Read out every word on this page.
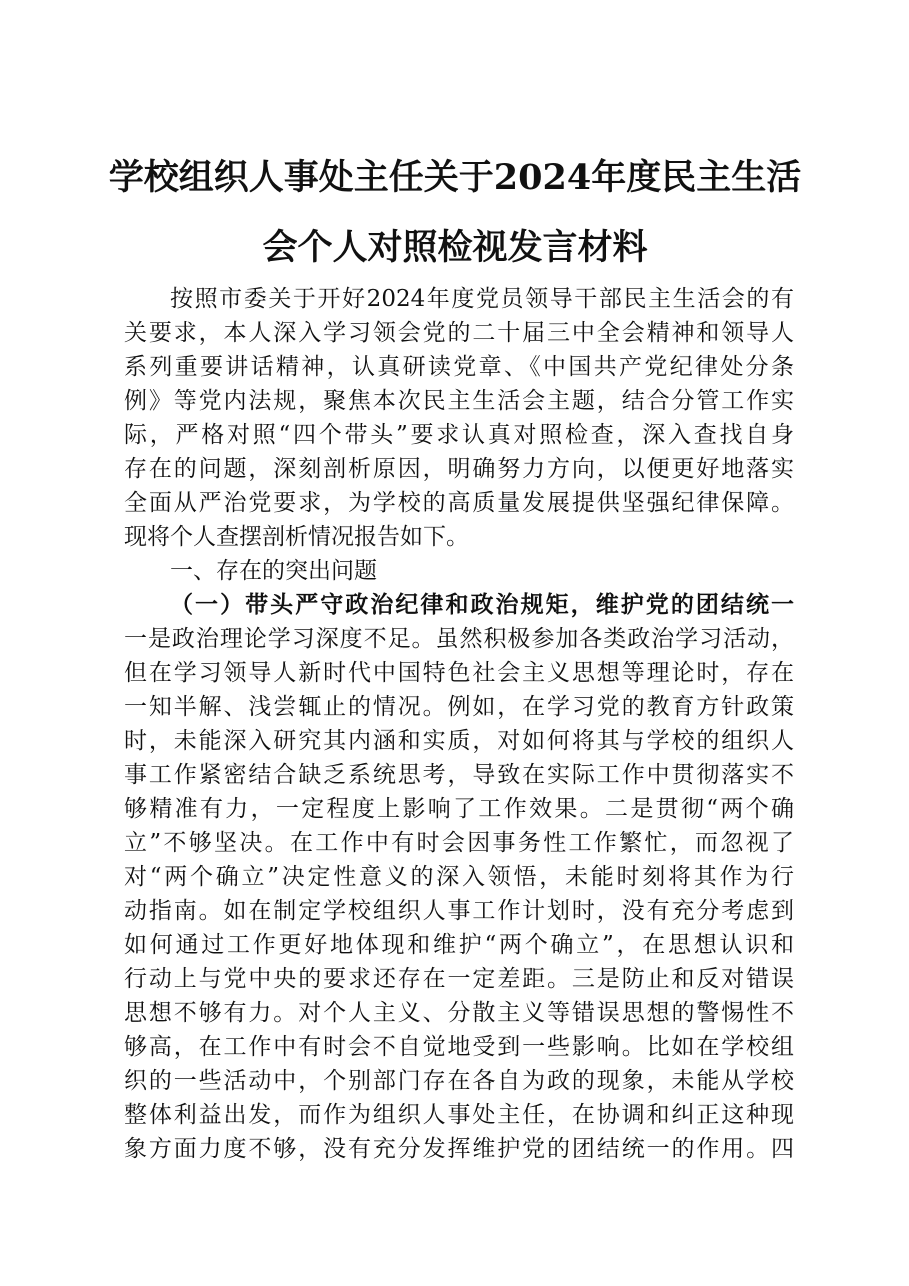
学校组织人事处主任关于2024年度民主生活
会个人对照检视发言材料
按照市委关于开好2024年度党员领导干部民主生活会的有
关要求，本人深入学习领会党的二十届三中全会精神和领导人
系列重要讲话精神，认真研读党章、《中国共产党纪律处分条
例》等党内法规，聚焦本次民主生活会主题，结合分管工作实
际，严格对照“四个带头”要求认真对照检查，深入查找自身
存在的问题，深刻剖析原因，明确努力方向，以便更好地落实
全面从严治党要求，为学校的高质量发展提供坚强纪律保障。
现将个人查摆剖析情况报告如下。
一、存在的突出问题
（一）带头严守政治纪律和政治规矩，维护党的团结统一
一是政治理论学习深度不足。虽然积极参加各类政治学习活动，
但在学习领导人新时代中国特色社会主义思想等理论时，存在
一知半解、浅尝辄止的情况。例如，在学习党的教育方针政策
时，未能深入研究其内涵和实质，对如何将其与学校的组织人
事工作紧密结合缺乏系统思考，导致在实际工作中贯彻落实不
够精准有力，一定程度上影响了工作效果。二是贯彻“两个确
立”不够坚决。在工作中有时会因事务性工作繁忙，而忽视了
对“两个确立”决定性意义的深入领悟，未能时刻将其作为行
动指南。如在制定学校组织人事工作计划时，没有充分考虑到
如何通过工作更好地体现和维护“两个确立”，在思想认识和
行动上与党中央的要求还存在一定差距。三是防止和反对错误
思想不够有力。对个人主义、分散主义等错误思想的警惕性不
够高，在工作中有时会不自觉地受到一些影响。比如在学校组
织的一些活动中，个别部门存在各自为政的现象，未能从学校
整体利益出发，而作为组织人事处主任，在协调和纠正这种现
象方面力度不够，没有充分发挥维护党的团结统一的作用。四
